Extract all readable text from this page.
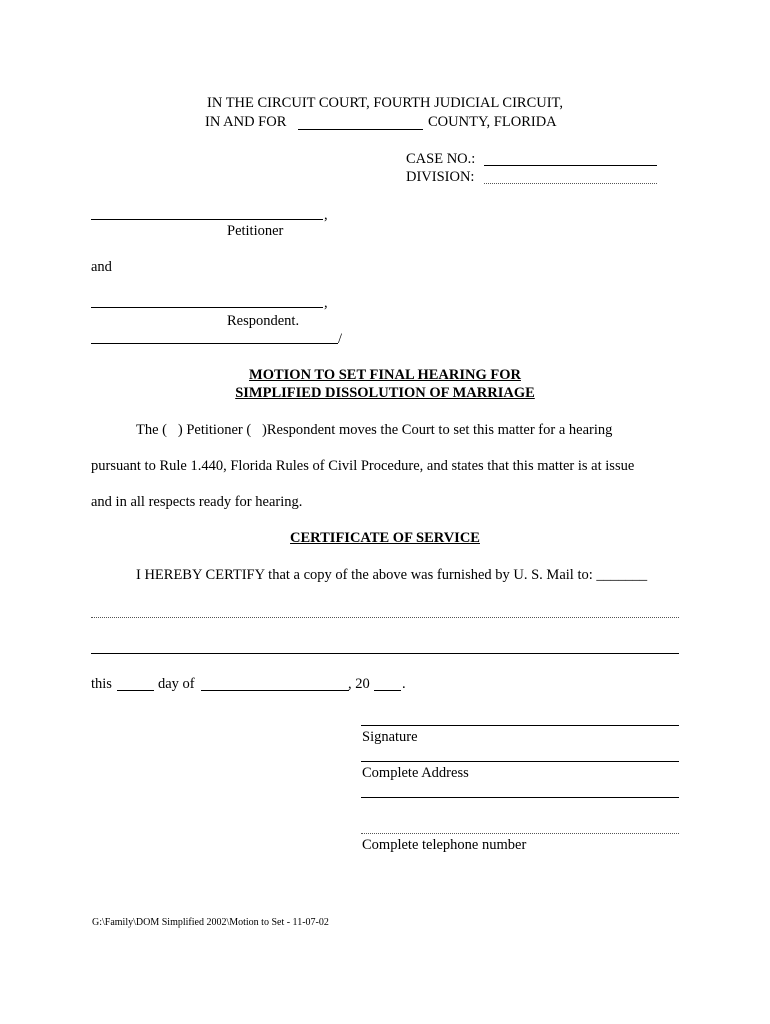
IN THE CIRCUIT COURT, FOURTH JUDICIAL CIRCUIT,
IN AND FOR	COUNTY, FLORIDA
CASE NO.:
DIVISION:
,
Petitioner
and
,
Respondent.
/
MOTION TO SET FINAL HEARING FOR
SIMPLIFIED DISSOLUTION OF MARRIAGE
The (   ) Petitioner (   )Respondent moves the Court to set this matter for a hearing
pursuant to Rule 1.440, Florida Rules of Civil Procedure, and states that this matter is at issue
and in all respects ready for hearing.
CERTIFICATE OF SERVICE
I HEREBY CERTIFY that a copy of the above was furnished by U. S. Mail to: _______
this	day of	, 20 .
Signature
Complete Address
Complete telephone number
G:\Family\DOM Simplified 2002\Motion to Set - 11-07-02
